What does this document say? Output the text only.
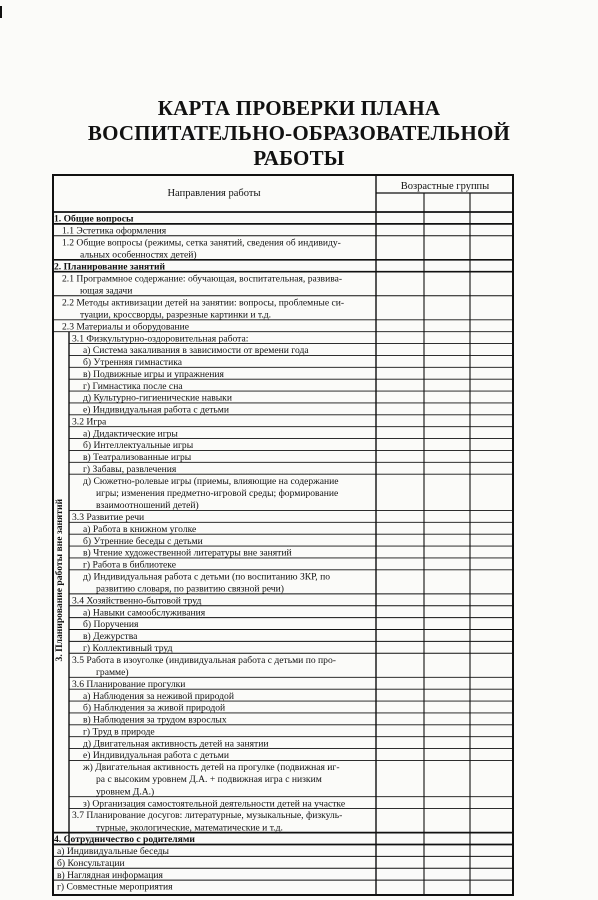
КАРТА ПРОВЕРКИ ПЛАНА
ВОСПИТАТЕЛЬНО-ОБРАЗОВАТЕЛЬНОЙ
РАБОТЫ
Направления работы
Возрастные группы
1. Общие вопросы
1.1 Эстетика оформления
1.2 Общие вопросы (режимы, сетка занятий, сведения об индивиду-
альных особенностях детей)
2. Планирование занятий
2.1 Программное содержание: обучающая, воспитательная, развива-
ющая задачи
2.2 Методы активизации детей на занятии: вопросы, проблемные си-
туации, кроссворды, разрезные картинки и т.д.
2.3 Материалы и оборудование
3.1 Физкультурно-оздоровительная работа:
а) Система закаливания в зависимости от времени года
б) Утренняя гимнастика
в) Подвижные игры и упражнения
г) Гимнастика после сна
д) Культурно-гигиенические навыки
е) Индивидуальная работа с детьми
3.2 Игра
а) Дидактические игры
б) Интеллектуальные игры
в) Театрализованные игры
г) Забавы, развлечения
д) Сюжетно-ролевые игры (приемы, влияющие на содержание
игры; изменения предметно-игровой среды; формирование
взаимоотношений детей)
3.3 Развитие речи
а) Работа в книжном уголке
б) Утренние беседы с детьми
в) Чтение художественной литературы вне занятий
г) Работа в библиотеке
д) Индивидуальная работа с детьми (по воспитанию ЗКР, по
развитию словаря, по развитию связной речи)
3.4 Хозяйственно-бытовой труд
а) Навыки самообслуживания
б) Поручения
в) Дежурства
г) Коллективный труд
3.5 Работа в изоуголке (индивидуальная работа с детьми по про-
грамме)
3.6 Планирование прогулки
а) Наблюдения за неживой природой
б) Наблюдения за живой природой
в) Наблюдения за трудом взрослых
г) Труд в природе
д) Двигательная активность детей на занятии
е) Индивидуальная работа с детьми
ж) Двигательная активность детей на прогулке (подвижная иг-
ра с высоким уровнем Д.А. + подвижная игра с низким
уровнем Д.А.)
з) Организация самостоятельной деятельности детей на участке
3.7 Планирование досугов: литературные, музыкальные, физкуль-
турные, экологические, математические и т.д.
4. Сотрудничество с родителями
а) Индивидуальные беседы
б) Консультации
в) Наглядная информация
г) Совместные мероприятия
3. Планирование работы вне занятий
